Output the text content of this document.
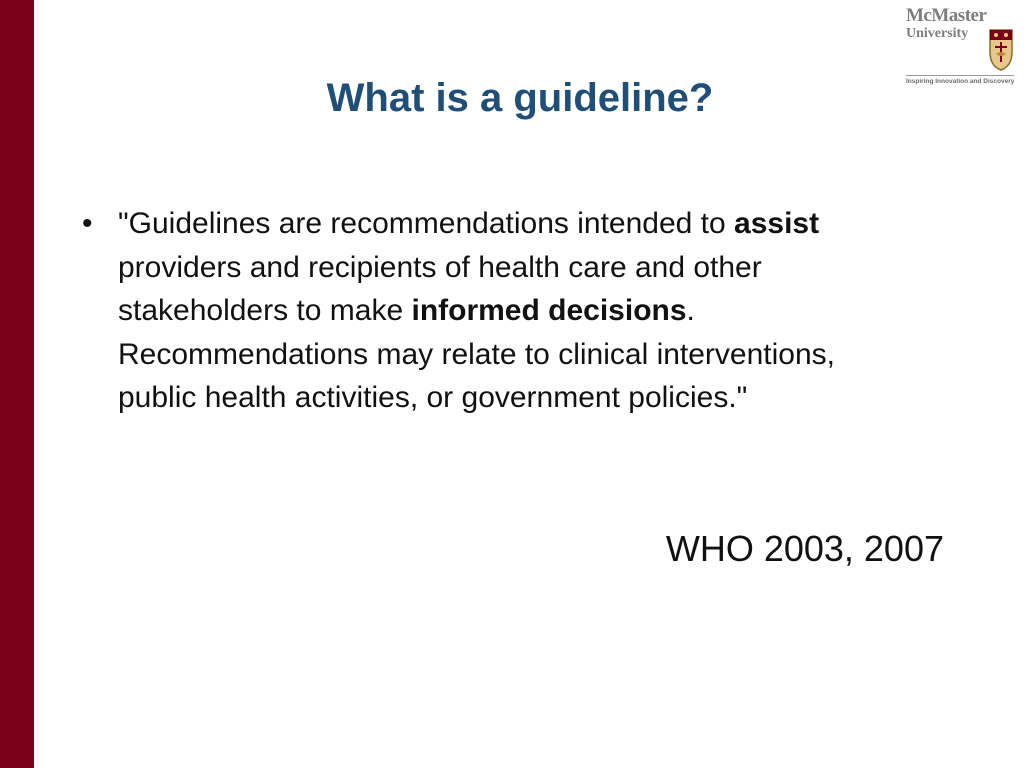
McMaster
University
Inspiring Innovation and Discovery
What is a guideline?
• "Guidelines are recommendations intended to assist providers and recipients of health care and other stakeholders to make informed decisions. Recommendations may relate to clinical interventions, public health activities, or government policies."
WHO 2003, 2007
